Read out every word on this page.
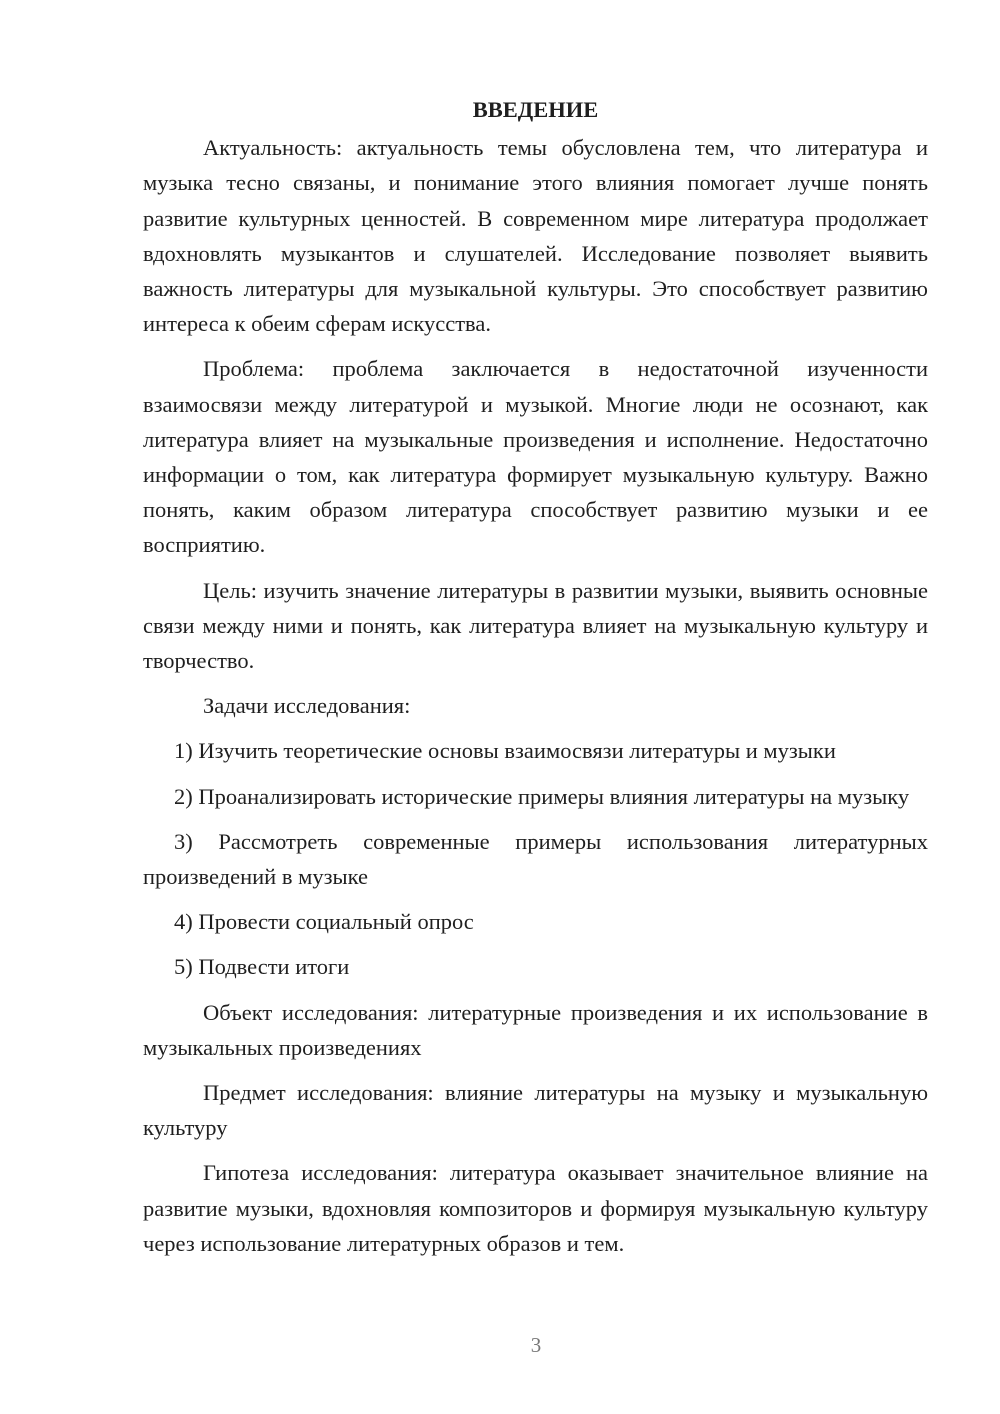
ВВЕДЕНИЕ

Актуальность: актуальность темы обусловлена тем, что литература и музыка тесно связаны, и понимание этого влияния помогает лучше понять развитие культурных ценностей. В современном мире литература продолжает вдохновлять музыкантов и слушателей. Исследование позволяет выявить важность литературы для музыкальной культуры. Это способствует развитию интереса к обеим сферам искусства.

Проблема: проблема заключается в недостаточной изученности взаимосвязи между литературой и музыкой. Многие люди не осознают, как литература влияет на музыкальные произведения и исполнение. Недостаточно информации о том, как литература формирует музыкальную культуру. Важно понять, каким образом литература способствует развитию музыки и ее восприятию.

Цель: изучить значение литературы в развитии музыки, выявить основные связи между ними и понять, как литература влияет на музыкальную культуру и творчество.

Задачи исследования:

1) Изучить теоретические основы взаимосвязи литературы и музыки

2) Проанализировать исторические примеры влияния литературы на музыку

3) Рассмотреть современные примеры использования литературных произведений в музыке

4) Провести социальный опрос

5) Подвести итоги

Объект исследования: литературные произведения и их использование в музыкальных произведениях

Предмет исследования: влияние литературы на музыку и музыкальную культуру

Гипотеза исследования: литература оказывает значительное влияние на развитие музыки, вдохновляя композиторов и формируя музыкальную культуру через использование литературных образов и тем.

3
